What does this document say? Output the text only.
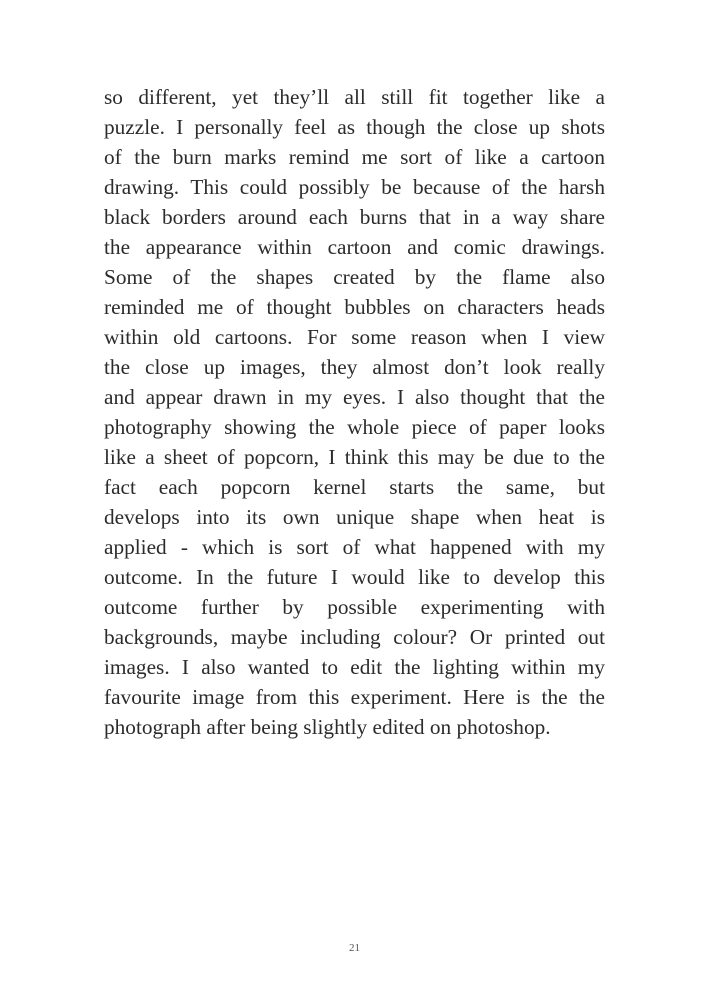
so different, yet they’ll all still fit together like a
puzzle. I personally feel as though the close up shots
of the burn marks remind me sort of like a cartoon
drawing. This could possibly be because of the harsh
black borders around each burns that in a way share
the appearance within cartoon and comic drawings.
Some of the shapes created by the flame also
reminded me of thought bubbles on characters heads
within old cartoons. For some reason when I view
the close up images, they almost don’t look really
and appear drawn in my eyes. I also thought that the
photography showing the whole piece of paper looks
like a sheet of popcorn, I think this may be due to the
fact each popcorn kernel starts the same, but
develops into its own unique shape when heat is
applied - which is sort of what happened with my
outcome. In the future I would like to develop this
outcome further by possible experimenting with
backgrounds, maybe including colour? Or printed out
images. I also wanted to edit the lighting within my
favourite image from this experiment. Here is the the
photograph after being slightly edited on photoshop.
21
